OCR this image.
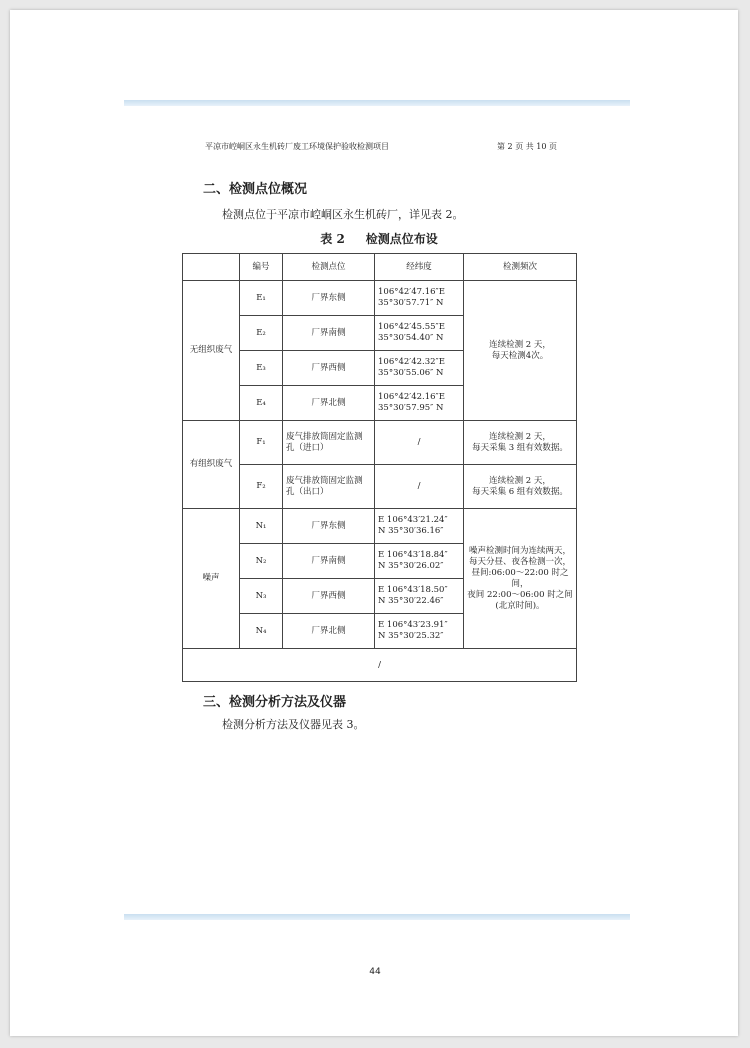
平凉市崆峒区永生机砖厂废工环境保护验收检测项目	第 2 页 共 10 页
二、检测点位概况
检测点位于平凉市崆峒区永生机砖厂，详见表 2。
表 2     检测点位布设
	编号	检测点位	经纬度	检测频次
无组织废气	E₁	厂界东侧	106°42′47.16″E
35°30′57.71″ N	连续检测 2 天，
每天检测4次。
	E₂	厂界南侧	106°42′45.55″E
35°30′54.40″ N	
	E₃	厂界西侧	106°42′42.32″E
35°30′55.06″ N	
	E₄	厂界北侧	106°42′42.16″E
35°30′57.95″ N	
有组织废气	F₁	废气排放筒固定监测
孔（进口）	/	连续检测 2 天，
每天采集 3 组有效数据。
	F₂	废气排放筒固定监测
孔（出口）	/	连续检测 2 天，
每天采集 6 组有效数据。
噪声	N₁	厂界东侧	E 106°43′21.24″
N 35°30′36.16″	噪声检测时间为连续两天，
每天分昼、夜各检测一次，
昼间:06:00～22:00 时之间，
夜间 22:00～06:00 时之间
(北京时间)。
	N₂	厂界南侧	E 106°43′18.84″
N 35°30′26.02″	
	N₃	厂界西侧	E 106°43′18.50″
N 35°30′22.46″	
	N₄	厂界北侧	E 106°43′23.91″
N 35°30′25.32″	
/				
三、检测分析方法及仪器
检测分析方法及仪器见表 3。
44
